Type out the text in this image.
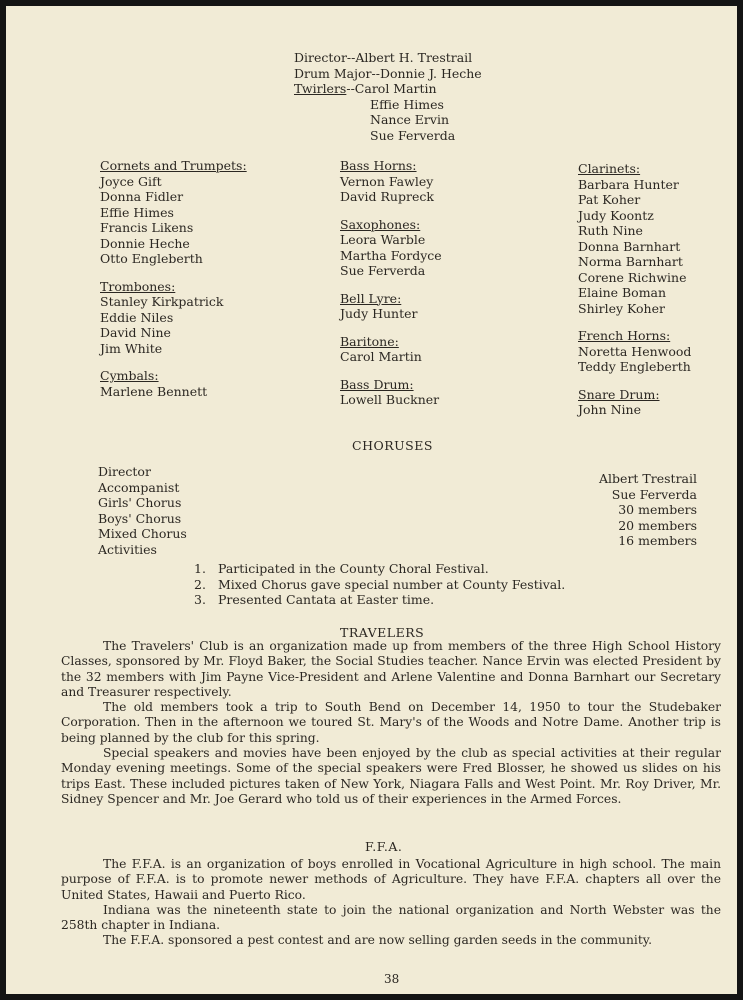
Director--Albert H. Trestrail
Drum Major--Donnie J. Heche
Twirlers--Carol Martin
Effie Himes
Nance Ervin
Sue Ferverda
Cornets and Trumpets:
Joyce Gift
Donna Fidler
Effie Himes
Francis Likens
Donnie Heche
Otto Engleberth
Trombones:
Stanley Kirkpatrick
Eddie Niles
David Nine
Jim White
Cymbals:
Marlene Bennett
Bass Horns:
Vernon Fawley
David Rupreck
Saxophones:
Leora Warble
Martha Fordyce
Sue Ferverda
Bell Lyre:
Judy Hunter
Baritone:
Carol Martin
Bass Drum:
Lowell Buckner
Clarinets:
Barbara Hunter
Pat Koher
Judy Koontz
Ruth Nine
Donna Barnhart
Norma Barnhart
Corene Richwine
Elaine Boman
Shirley Koher
French Horns:
Noretta Henwood
Teddy Engleberth
Snare Drum:
John Nine
CHORUSES
Director
Accompanist
Girls' Chorus
Boys' Chorus
Mixed Chorus
Activities
Albert Trestrail
Sue Ferverda
30 members
20 members
16 members
1. Participated in the County Choral Festival.
2. Mixed Chorus gave special number at County Festival.
3. Presented Cantata at Easter time.
TRAVELERS

The Travelers' Club is an organization made up from members of the three High School History Classes, sponsored by Mr. Floyd Baker, the Social Studies teacher. Nance Ervin was elected President by the 32 members with Jim Payne Vice-President and Arlene Valentine and Donna Barnhart our Secretary and Treasurer respectively.

The old members took a trip to South Bend on December 14, 1950 to tour the Studebaker Corporation. Then in the afternoon we toured St. Mary's of the Woods and Notre Dame. Another trip is being planned by the club for this spring.

Special speakers and movies have been enjoyed by the club as special activities at their regular Monday evening meetings. Some of the special speakers were Fred Blosser, he showed us slides on his trips East. These included pictures taken of New York, Niagara Falls and West Point. Mr. Roy Driver, Mr. Sidney Spencer and Mr. Joe Gerard who told us of their experiences in the Armed Forces.

F.F.A.

The F.F.A. is an organization of boys enrolled in Vocational Agriculture in high school. The main purpose of F.F.A. is to promote newer methods of Agriculture. They have F.F.A. chapters all over the United States, Hawaii and Puerto Rico.

Indiana was the nineteenth state to join the national organization and North Webster was the 258th chapter in Indiana.

The F.F.A. sponsored a pest contest and are now selling garden seeds in the community.

38
